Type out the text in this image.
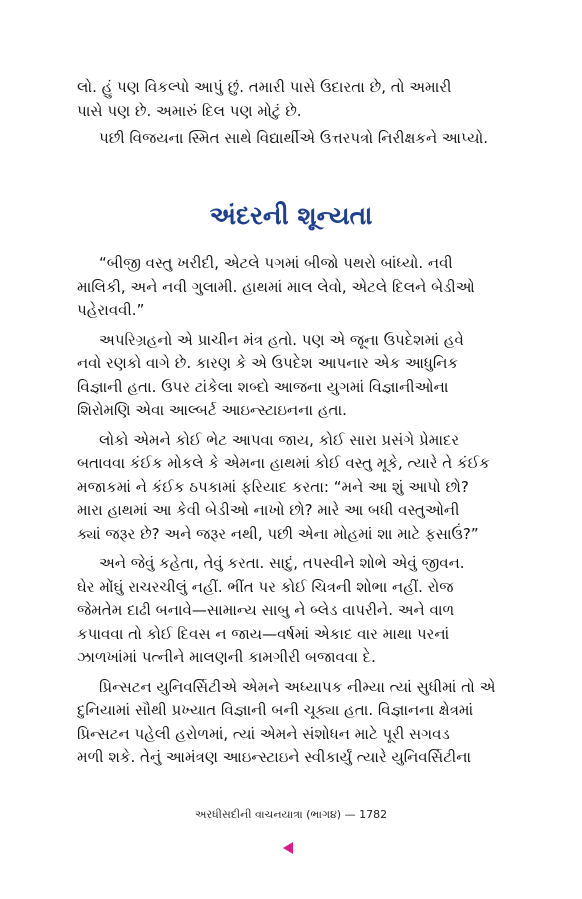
લો. હું પણ વિકલ્પો આપું છું. તમારી પાસે ઉદારતા છે, તો અમારી
પાસે પણ છે. અમારું દિલ પણ મોટું છે.
પછી વિજયના સ્મિત સાથે વિદ્યાર્થીએ ઉત્તરપત્રો નિરીક્ષકને આપ્યો.
અંદરની શૂન્યતા
“બીજી વસ્તુ ખરીદી, એટલે પગમાં બીજો પથરો બાંધ્યો. નવી
માલિકી, અને નવી ગુલામી. હાથમાં માલ લેવો, એટલે દિલને બેડીઓ
પહેરાવવી.”
અપરિગ્રહનો એ પ્રાચીન મંત્ર હતો. પણ એ જૂના ઉપદેશમાં હવે
નવો રણકો વાગે છે. કારણ કે એ ઉપદેશ આપનાર એક આધુનિક
વિજ્ઞાની હતા. ઉપર ટાંકેલા શબ્દો આજના યુગમાં વિજ્ઞાનીઓના
શિરોમણિ એવા આલ્બર્ટ આઇન્સ્ટાઇનના હતા.
લોકો એમને કોઈ ભેટ આપવા જાય, કોઈ સારા પ્રસંગે પ્રેમાદર
બતાવવા કંઈક મોકલે કે એમના હાથમાં કોઈ વસ્તુ મૂકે, ત્યારે તે કંઈક
મજાકમાં ને કંઈક ઠપકામાં ફરિયાદ કરતા: “મને આ શું આપો છો?
મારા હાથમાં આ કેવી બેડીઓ નાખો છો? મારે આ બધી વસ્તુઓની
ક્યાં જરૂર છે? અને જરૂર નથી, પછી એના મોહમાં શા માટે ફસાઉં?”
અને જેવું કહેતા, તેવું કરતા. સાદું, તપસ્વીને શોભે એવું જીવન.
ઘેર મોંઘું રાચરચીલું નહીં. ભીંત પર કોઈ ચિત્રની શોભા નહીં. રોજ
જેમતેમ દાઢી બનાવે—સામાન્ય સાબુ ને બ્લેડ વાપરીને. અને વાળ
કપાવવા તો કોઈ દિવસ ન જાય—વર્ષમાં એકાદ વાર માથા પરનાં
ઝાળખાંમાં પત્નીને માલણની કામગીરી બજાવવા દે.
પ્રિન્સટન યુનિવર્સિટીએ એમને અધ્યાપક નીમ્યા ત્યાં સુધીમાં તો એ
દુનિયામાં સૌથી પ્રખ્યાત વિજ્ઞાની બની ચૂક્યા હતા. વિજ્ઞાનના ક્ષેત્રમાં
પ્રિન્સટન પહેલી હરોળમાં, ત્યાં એમને સંશોધન માટે પૂરી સગવડ
મળી શકે. તેનું આમંત્રણ આઇન્સ્ટાઇને સ્વીકાર્યું ત્યારે યુનિવર્સિટીના
અરધીસદીની વાચનયાત્રા (ભાગ૪) — 1782
